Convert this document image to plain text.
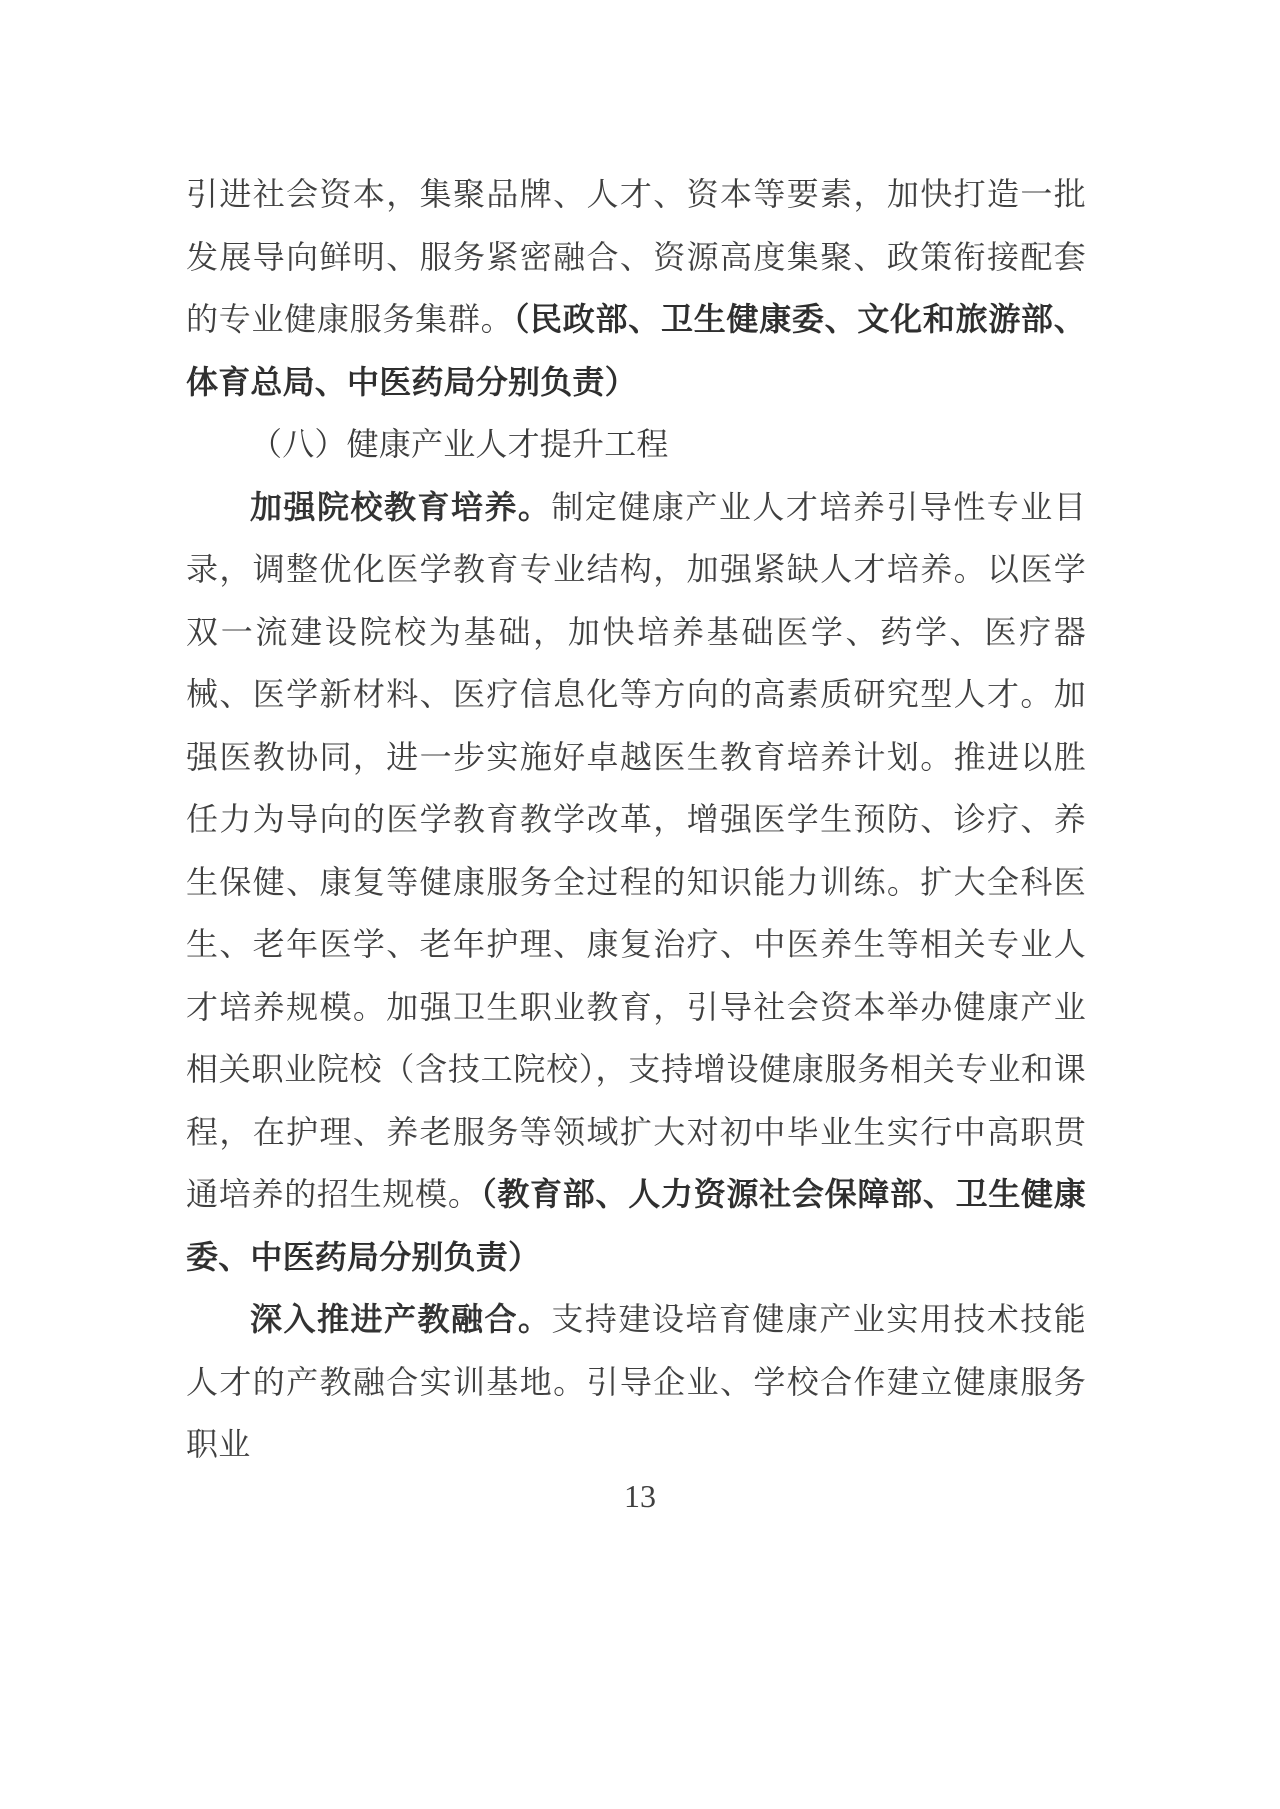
引进社会资本，集聚品牌、人才、资本等要素，加快打造一批发展导向鲜明、服务紧密融合、资源高度集聚、政策衔接配套的专业健康服务集群。（民政部、卫生健康委、文化和旅游部、体育总局、中医药局分别负责）

（八）健康产业人才提升工程

加强院校教育培养。制定健康产业人才培养引导性专业目录，调整优化医学教育专业结构，加强紧缺人才培养。以医学双一流建设院校为基础，加快培养基础医学、药学、医疗器械、医学新材料、医疗信息化等方向的高素质研究型人才。加强医教协同，进一步实施好卓越医生教育培养计划。推进以胜任力为导向的医学教育教学改革，增强医学生预防、诊疗、养生保健、康复等健康服务全过程的知识能力训练。扩大全科医生、老年医学、老年护理、康复治疗、中医养生等相关专业人才培养规模。加强卫生职业教育，引导社会资本举办健康产业相关职业院校（含技工院校），支持增设健康服务相关专业和课程，在护理、养老服务等领域扩大对初中毕业生实行中高职贯通培养的招生规模。（教育部、人力资源社会保障部、卫生健康委、中医药局分别负责）

深入推进产教融合。支持建设培育健康产业实用技术技能人才的产教融合实训基地。引导企业、学校合作建立健康服务职业

13
